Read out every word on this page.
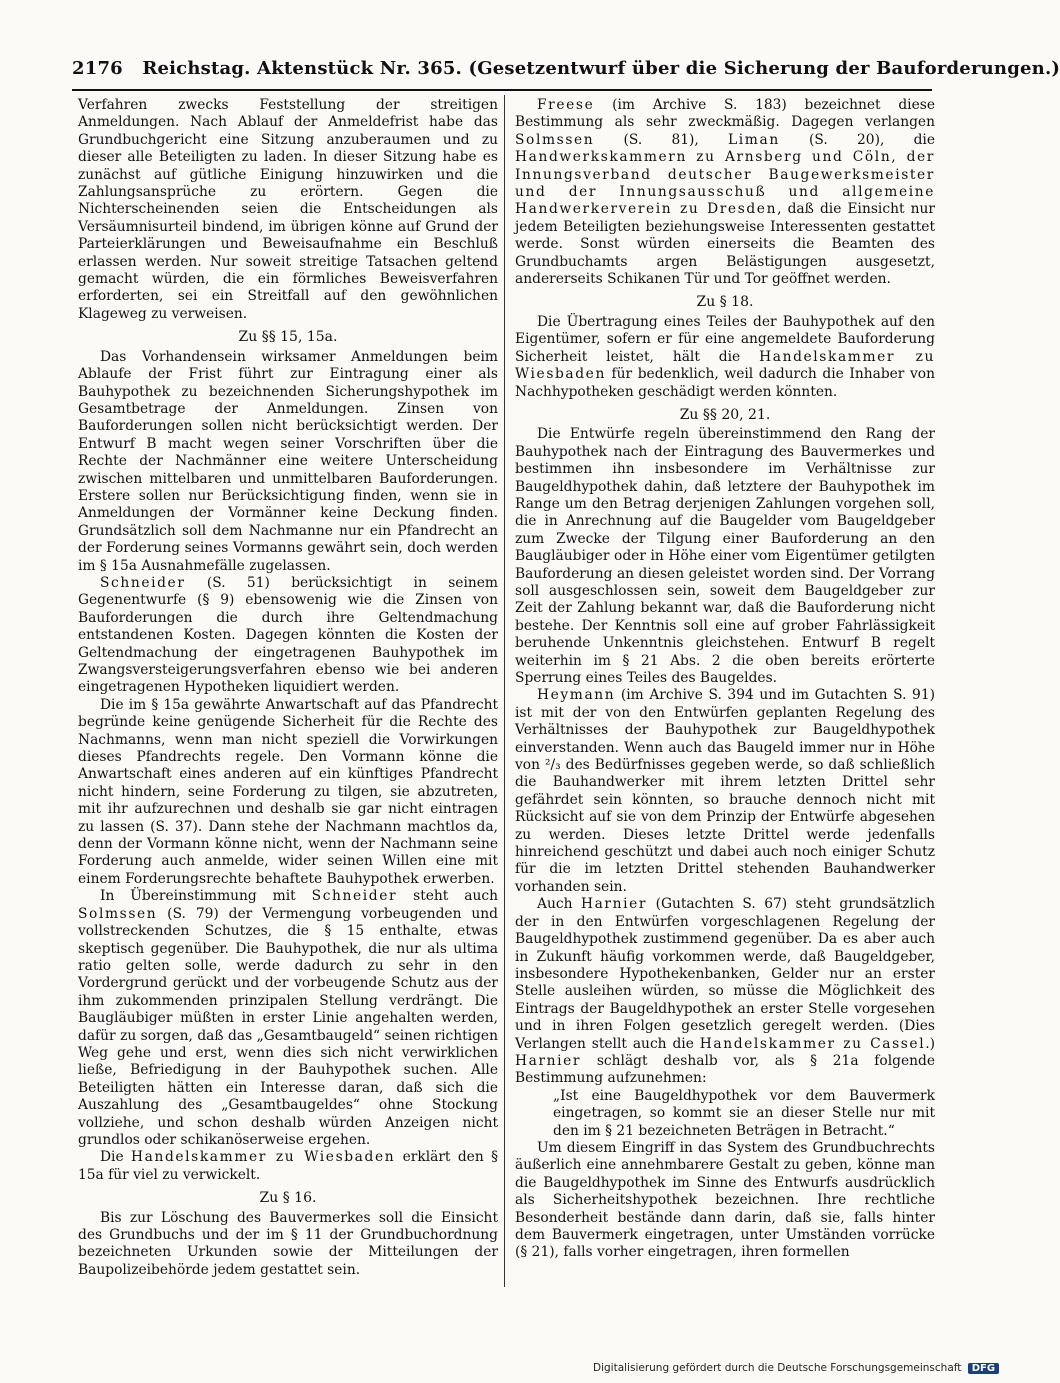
2176 Reichstag. Aktenstück Nr. 365. (Gesetzentwurf über die Sicherung der Bauforderungen.)

Verfahren zwecks Feststellung der streitigen Anmeldungen. Nach Ablauf der Anmeldefrist habe das Grundbuchgericht eine Sitzung anzuberaumen und zu dieser alle Beteiligten zu laden. In dieser Sitzung habe es zunächst auf gütliche Einigung hinzuwirken und die Zahlungsansprüche zu erörtern. Gegen die Nichterscheinenden seien die Entscheidungen als Versäumnisurteil bindend, im übrigen könne auf Grund der Parteierklärungen und Beweisaufnahme ein Beschluß erlassen werden. Nur soweit streitige Tatsachen geltend gemacht würden, die ein förmliches Beweisverfahren erforderten, sei ein Streitfall auf den gewöhnlichen Klageweg zu verweisen.

Zu §§ 15, 15a.

Das Vorhandensein wirksamer Anmeldungen beim Ablaufe der Frist führt zur Eintragung einer als Bauhypothek zu bezeichnenden Sicherungshypothek im Gesamtbetrage der Anmeldungen. Zinsen von Bauforderungen sollen nicht berücksichtigt werden. Der Entwurf B macht wegen seiner Vorschriften über die Rechte der Nachmänner eine weitere Unterscheidung zwischen mittelbaren und unmittelbaren Bauforderungen. Erstere sollen nur Berücksichtigung finden, wenn sie in Anmeldungen der Vormänner keine Deckung finden. Grundsätzlich soll dem Nachmanne nur ein Pfandrecht an der Forderung seines Vormanns gewährt sein, doch werden im § 15a Ausnahmefälle zugelassen.

Schneider (S. 51) berücksichtigt in seinem Gegenentwurfe (§ 9) ebensowenig wie die Zinsen von Bauforderungen die durch ihre Geltendmachung entstandenen Kosten. Dagegen könnten die Kosten der Geltendmachung der eingetragenen Bauhypothek im Zwangsversteigerungsverfahren ebenso wie bei anderen eingetragenen Hypotheken liquidiert werden.

Die im § 15a gewährte Anwartschaft auf das Pfandrecht begründe keine genügende Sicherheit für die Rechte des Nachmanns, wenn man nicht speziell die Vorwirkungen dieses Pfandrechts regele. Den Vormann könne die Anwartschaft eines anderen auf ein künftiges Pfandrecht nicht hindern, seine Forderung zu tilgen, sie abzutreten, mit ihr aufzurechnen und deshalb sie gar nicht eintragen zu lassen (S. 37). Dann stehe der Nachmann machtlos da, denn der Vormann könne nicht, wenn der Nachmann seine Forderung auch anmelde, wider seinen Willen eine mit einem Forderungsrechte behaftete Bauhypothek erwerben.

In Übereinstimmung mit Schneider steht auch Solmssen (S. 79) der Vermengung vorbeugenden und vollstreckenden Schutzes, die § 15 enthalte, etwas skeptisch gegenüber. Die Bauhypothek, die nur als ultima ratio gelten solle, werde dadurch zu sehr in den Vordergrund gerückt und der vorbeugende Schutz aus der ihm zukommenden prinzipalen Stellung verdrängt. Die Baugläubiger müßten in erster Linie angehalten werden, dafür zu sorgen, daß das „Gesamtbaugeld“ seinen richtigen Weg gehe und erst, wenn dies sich nicht verwirklichen ließe, Befriedigung in der Bauhypothek suchen. Alle Beteiligten hätten ein Interesse daran, daß sich die Auszahlung des „Gesamtbaugeldes“ ohne Stockung vollziehe, und schon deshalb würden Anzeigen nicht grundlos oder schikanöserweise ergehen.

Die Handelskammer zu Wiesbaden erklärt den § 15a für viel zu verwickelt.

Zu § 16.

Bis zur Löschung des Bauvermerkes soll die Einsicht des Grundbuchs und der im § 11 der Grundbuchordnung bezeichneten Urkunden sowie der Mitteilungen der Baupolizeibehörde jedem gestattet sein.

Freese (im Archive S. 183) bezeichnet diese Bestimmung als sehr zweckmäßig. Dagegen verlangen Solmssen (S. 81), Liman (S. 20), die Handwerkskammern zu Arnsberg und Cöln, der Innungsverband deutscher Baugewerksmeister und der Innungsausschuß und allgemeine Handwerkerverein zu Dresden, daß die Einsicht nur jedem Beteiligten beziehungsweise Interessenten gestattet werde. Sonst würden einerseits die Beamten des Grundbuchamts argen Belästigungen ausgesetzt, andererseits Schikanen Tür und Tor geöffnet werden.

Zu § 18.

Die Übertragung eines Teiles der Bauhypothek auf den Eigentümer, sofern er für eine angemeldete Bauforderung Sicherheit leistet, hält die Handelskammer zu Wiesbaden für bedenklich, weil dadurch die Inhaber von Nachhypotheken geschädigt werden könnten.

Zu §§ 20, 21.

Die Entwürfe regeln übereinstimmend den Rang der Bauhypothek nach der Eintragung des Bauvermerkes und bestimmen ihn insbesondere im Verhältnisse zur Baugeldhypothek dahin, daß letztere der Bauhypothek im Range um den Betrag derjenigen Zahlungen vorgehen soll, die in Anrechnung auf die Baugelder vom Baugeldgeber zum Zwecke der Tilgung einer Bauforderung an den Baugläubiger oder in Höhe einer vom Eigentümer getilgten Bauforderung an diesen geleistet worden sind. Der Vorrang soll ausgeschlossen sein, soweit dem Baugeldgeber zur Zeit der Zahlung bekannt war, daß die Bauforderung nicht bestehe. Der Kenntnis soll eine auf grober Fahrlässigkeit beruhende Unkenntnis gleichstehen. Entwurf B regelt weiterhin im § 21 Abs. 2 die oben bereits erörterte Sperrung eines Teiles des Baugeldes.

Heymann (im Archive S. 394 und im Gutachten S. 91) ist mit der von den Entwürfen geplanten Regelung des Verhältnisses der Bauhypothek zur Baugeldhypothek einverstanden. Wenn auch das Baugeld immer nur in Höhe von ²/₃ des Bedürfnisses gegeben werde, so daß schließlich die Bauhandwerker mit ihrem letzten Drittel sehr gefährdet sein könnten, so brauche dennoch nicht mit Rücksicht auf sie von dem Prinzip der Entwürfe abgesehen zu werden. Dieses letzte Drittel werde jedenfalls hinreichend geschützt und dabei auch noch einiger Schutz für die im letzten Drittel stehenden Bauhandwerker vorhanden sein.

Auch Harnier (Gutachten S. 67) steht grundsätzlich der in den Entwürfen vorgeschlagenen Regelung der Baugeldhypothek zustimmend gegenüber. Da es aber auch in Zukunft häufig vorkommen werde, daß Baugeldgeber, insbesondere Hypothekenbanken, Gelder nur an erster Stelle ausleihen würden, so müsse die Möglichkeit des Eintrags der Baugeldhypothek an erster Stelle vorgesehen und in ihren Folgen gesetzlich geregelt werden. (Dies Verlangen stellt auch die Handelskammer zu Cassel.) Harnier schlägt deshalb vor, als § 21a folgende Bestimmung aufzunehmen:

„Ist eine Baugeldhypothek vor dem Bauvermerk eingetragen, so kommt sie an dieser Stelle nur mit den im § 21 bezeichneten Beträgen in Betracht.“

Um diesem Eingriff in das System des Grundbuchrechts äußerlich eine annehmbarere Gestalt zu geben, könne man die Baugeldhypothek im Sinne des Entwurfs ausdrücklich als Sicherheitshypothek bezeichnen. Ihre rechtliche Besonderheit bestände dann darin, daß sie, falls hinter dem Bauvermerk eingetragen, unter Umständen vorrücke (§ 21), falls vorher eingetragen, ihren formellen

Digitalisierung gefördert durch die Deutsche Forschungsgemeinschaft DFG
